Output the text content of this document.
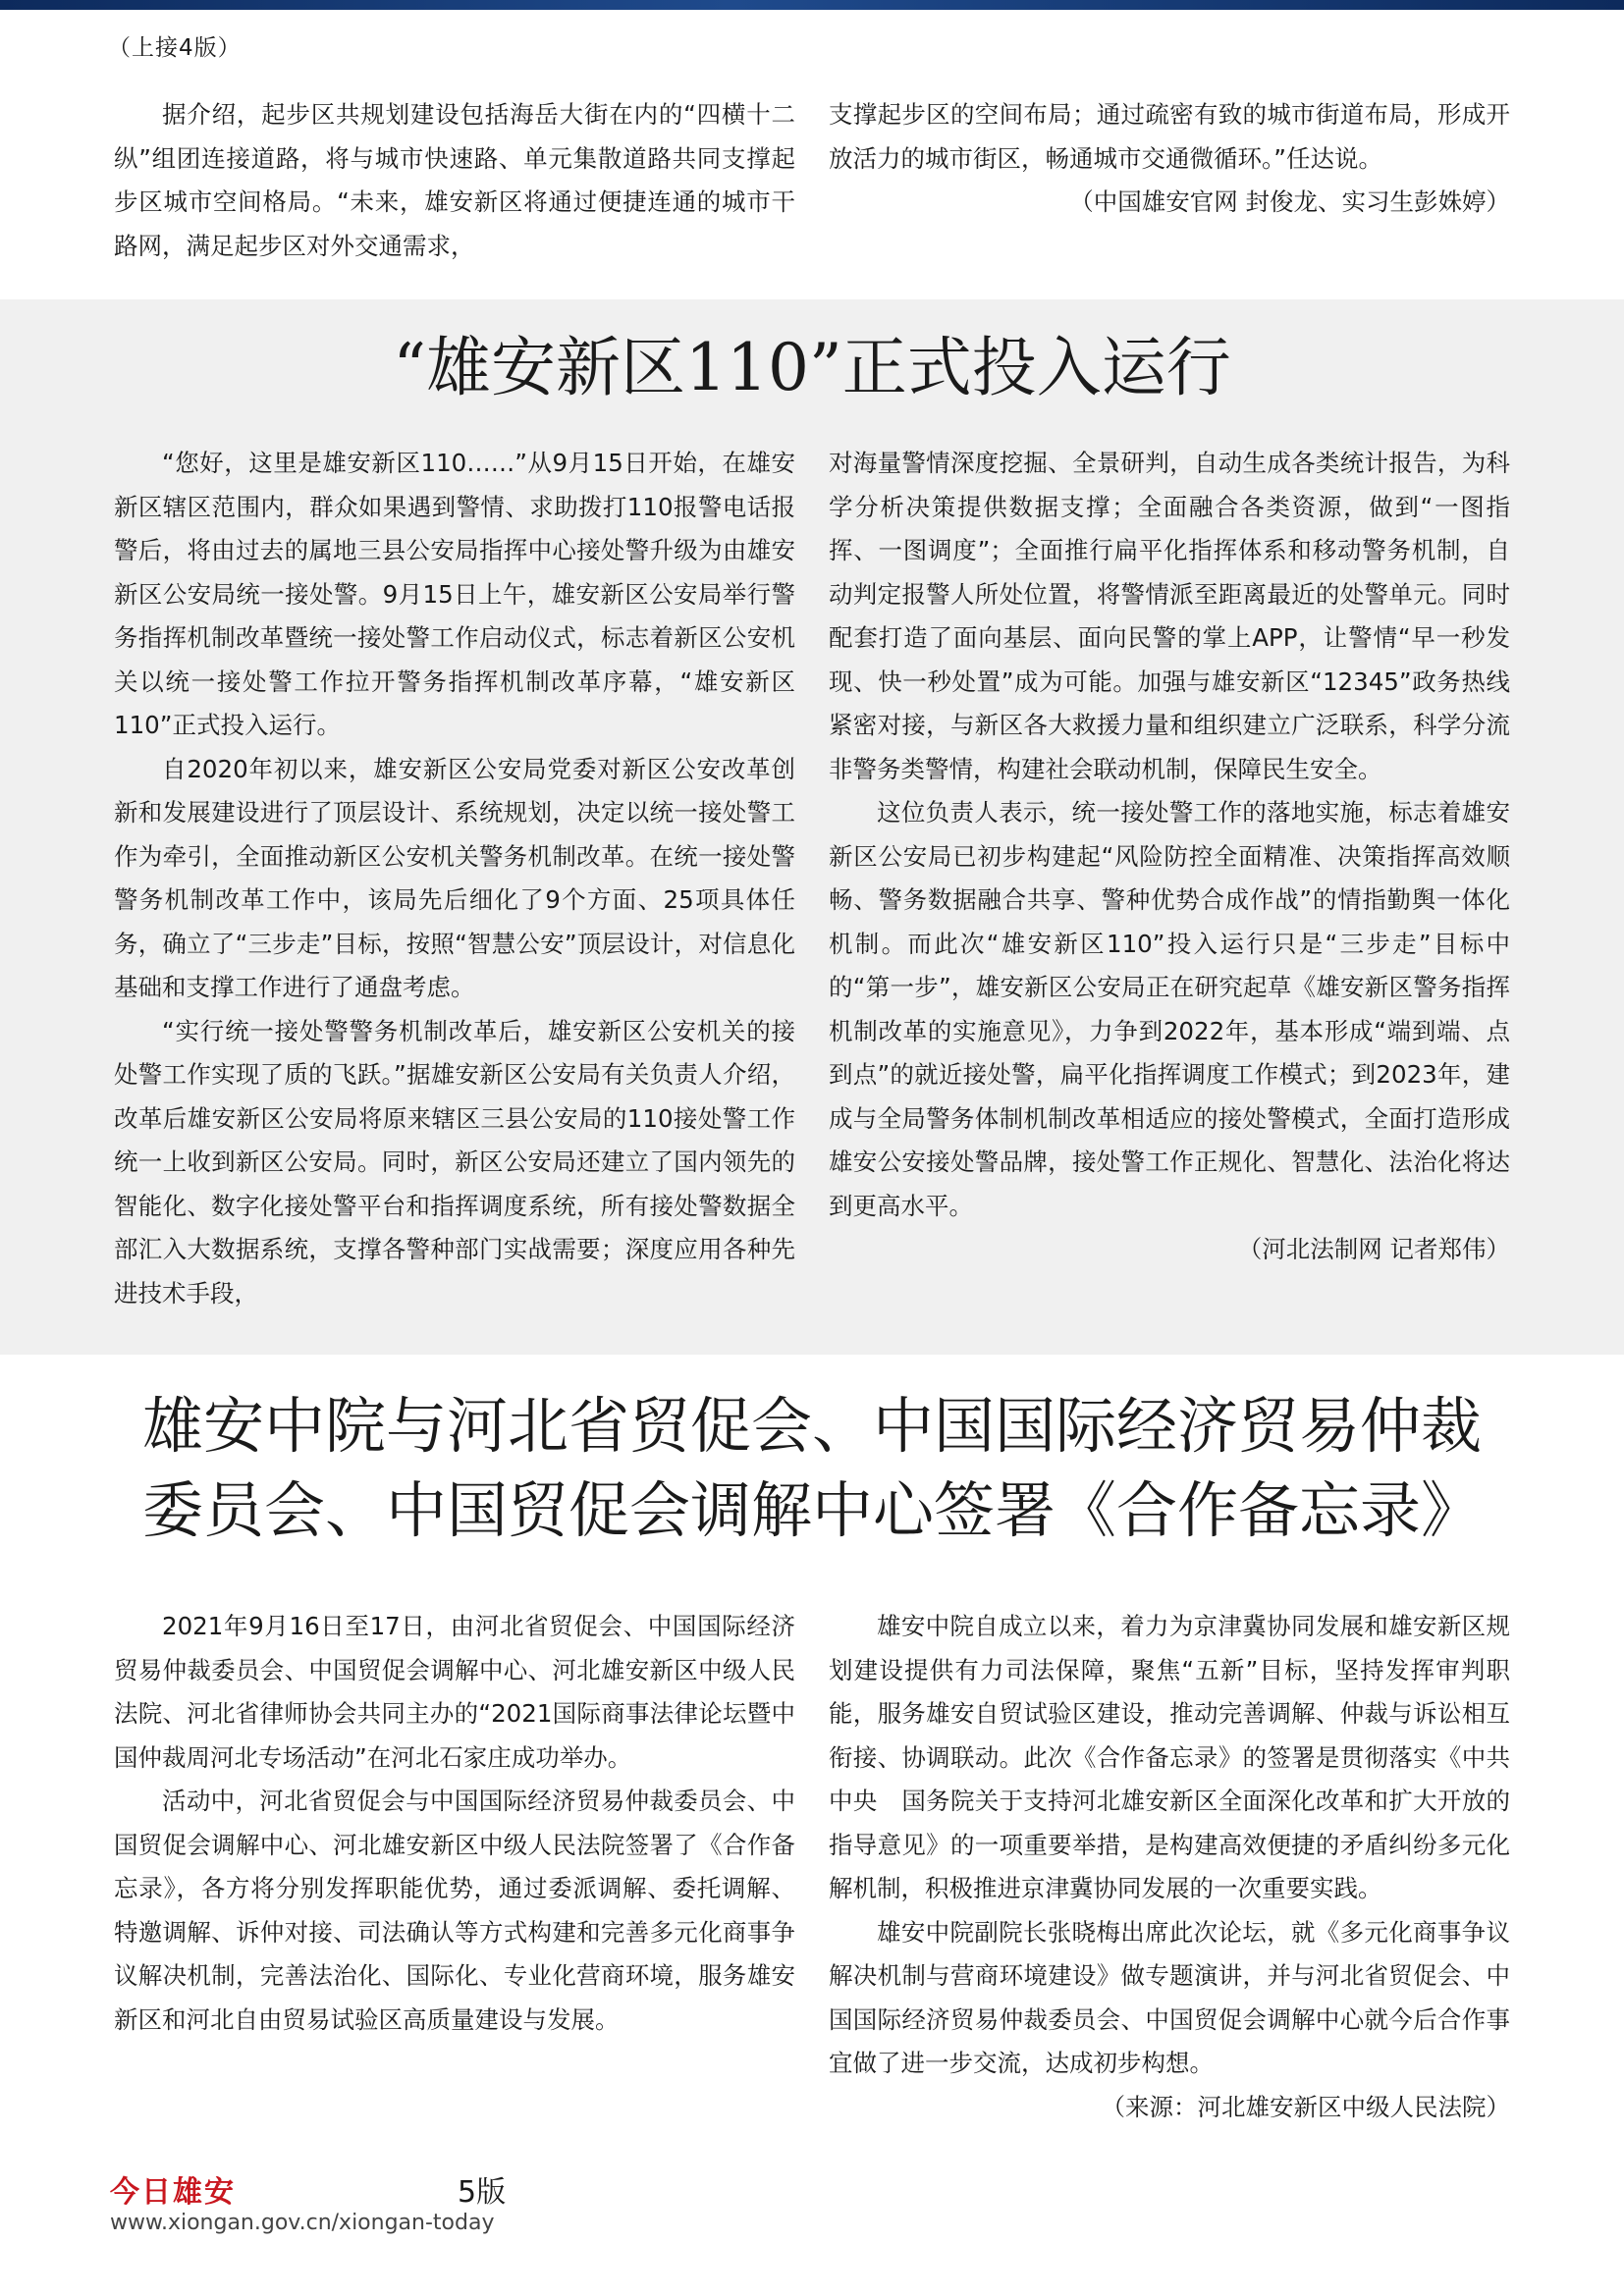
（上接4版）

据介绍，起步区共规划建设包括海岳大街在内的“四横十二纵”组团连接道路，将与城市快速路、单元集散道路共同支撑起步区城市空间格局。“未来，雄安新区将通过便捷连通的城市干路网，满足起步区对外交通需求，

支撑起步区的空间布局；通过疏密有致的城市街道布局，形成开放活力的城市街区，畅通城市交通微循环。”任达说。

（中国雄安官网 封俊龙、实习生彭姝婷）

“雄安新区110”正式投入运行

“您好，这里是雄安新区110……”从9月15日开始，在雄安新区辖区范围内，群众如果遇到警情、求助拨打110报警电话报警后，将由过去的属地三县公安局指挥中心接处警升级为由雄安新区公安局统一接处警。9月15日上午，雄安新区公安局举行警务指挥机制改革暨统一接处警工作启动仪式，标志着新区公安机关以统一接处警工作拉开警务指挥机制改革序幕，“雄安新区110”正式投入运行。

自2020年初以来，雄安新区公安局党委对新区公安改革创新和发展建设进行了顶层设计、系统规划，决定以统一接处警工作为牵引，全面推动新区公安机关警务机制改革。在统一接处警警务机制改革工作中，该局先后细化了9个方面、25项具体任务，确立了“三步走”目标，按照“智慧公安”顶层设计，对信息化基础和支撑工作进行了通盘考虑。

“实行统一接处警警务机制改革后，雄安新区公安机关的接处警工作实现了质的飞跃。”据雄安新区公安局有关负责人介绍，改革后雄安新区公安局将原来辖区三县公安局的110接处警工作统一上收到新区公安局。同时，新区公安局还建立了国内领先的智能化、数字化接处警平台和指挥调度系统，所有接处警数据全部汇入大数据系统，支撑各警种部门实战需要；深度应用各种先进技术手段，

对海量警情深度挖掘、全景研判，自动生成各类统计报告，为科学分析决策提供数据支撑；全面融合各类资源，做到“一图指挥、一图调度”；全面推行扁平化指挥体系和移动警务机制，自动判定报警人所处位置，将警情派至距离最近的处警单元。同时配套打造了面向基层、面向民警的掌上APP，让警情“早一秒发现、快一秒处置”成为可能。加强与雄安新区“12345”政务热线紧密对接，与新区各大救援力量和组织建立广泛联系，科学分流非警务类警情，构建社会联动机制，保障民生安全。

这位负责人表示，统一接处警工作的落地实施，标志着雄安新区公安局已初步构建起“风险防控全面精准、决策指挥高效顺畅、警务数据融合共享、警种优势合成作战”的情指勤舆一体化机制。而此次“雄安新区110”投入运行只是“三步走”目标中的“第一步”，雄安新区公安局正在研究起草《雄安新区警务指挥机制改革的实施意见》，力争到2022年，基本形成“端到端、点到点”的就近接处警，扁平化指挥调度工作模式；到2023年，建成与全局警务体制机制改革相适应的接处警模式，全面打造形成雄安公安接处警品牌，接处警工作正规化、智慧化、法治化将达到更高水平。

（河北法制网 记者郑伟）

雄安中院与河北省贸促会、中国国际经济贸易仲裁
委员会、中国贸促会调解中心签署《合作备忘录》

2021年9月16日至17日，由河北省贸促会、中国国际经济贸易仲裁委员会、中国贸促会调解中心、河北雄安新区中级人民法院、河北省律师协会共同主办的“2021国际商事法律论坛暨中国仲裁周河北专场活动”在河北石家庄成功举办。

活动中，河北省贸促会与中国国际经济贸易仲裁委员会、中国贸促会调解中心、河北雄安新区中级人民法院签署了《合作备忘录》，各方将分别发挥职能优势，通过委派调解、委托调解、特邀调解、诉仲对接、司法确认等方式构建和完善多元化商事争议解决机制，完善法治化、国际化、专业化营商环境，服务雄安新区和河北自由贸易试验区高质量建设与发展。

雄安中院自成立以来，着力为京津冀协同发展和雄安新区规划建设提供有力司法保障，聚焦“五新”目标，坚持发挥审判职能，服务雄安自贸试验区建设，推动完善调解、仲裁与诉讼相互衔接、协调联动。此次《合作备忘录》的签署是贯彻落实《中共中央　国务院关于支持河北雄安新区全面深化改革和扩大开放的指导意见》的一项重要举措，是构建高效便捷的矛盾纠纷多元化解机制，积极推进京津冀协同发展的一次重要实践。

雄安中院副院长张晓梅出席此次论坛，就《多元化商事争议解决机制与营商环境建设》做专题演讲，并与河北省贸促会、中国国际经济贸易仲裁委员会、中国贸促会调解中心就今后合作事宜做了进一步交流，达成初步构想。

（来源：河北雄安新区中级人民法院）

今日雄安	5版
www.xiongan.gov.cn/xiongan-today
